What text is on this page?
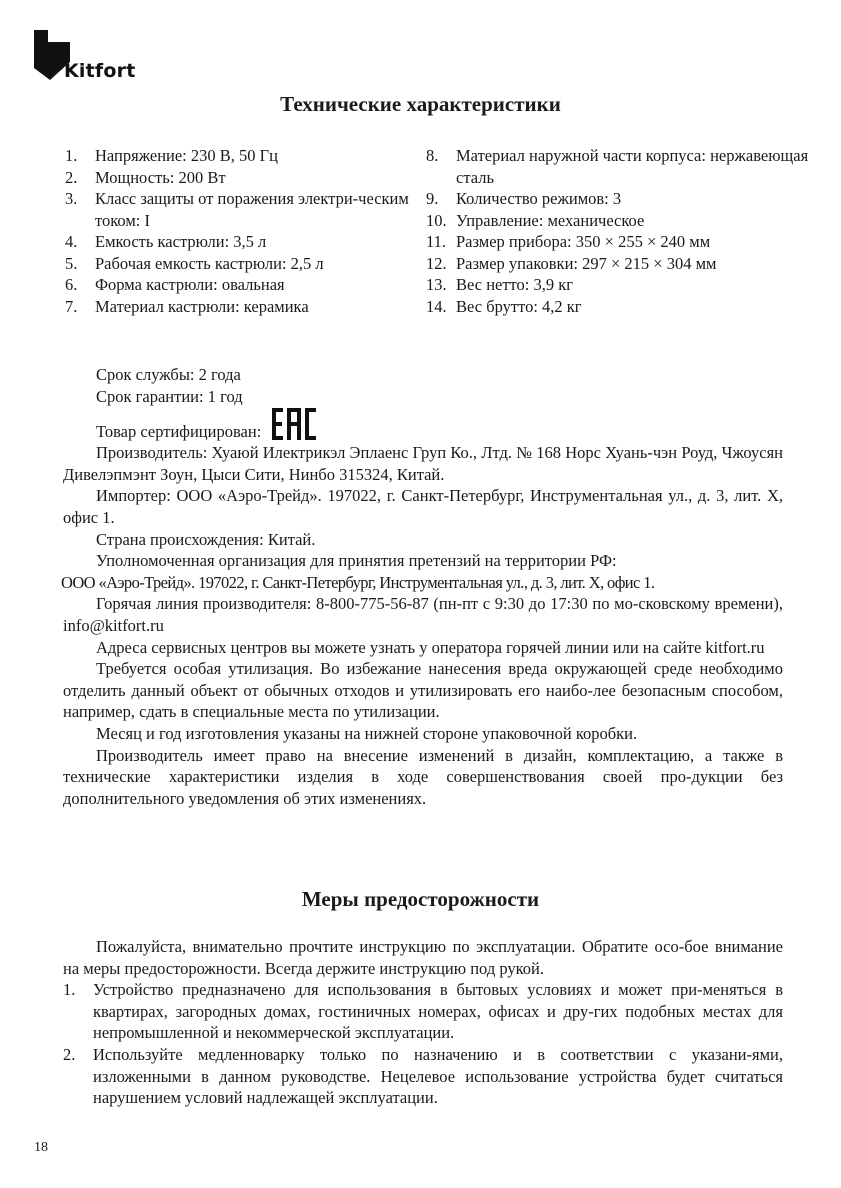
Kitfort
Технические характеристики
1.	Напряжение: 230 В, 50 Гц
2.	Мощность: 200 Вт
3.	Класс защиты от поражения электри-ческим током: I
4.	Емкость кастрюли: 3,5 л
5.	Рабочая емкость кастрюли: 2,5 л
6.	Форма кастрюли: овальная
7.	Материал кастрюли: керамика
8.	Материал наружной части корпуса: нержавеющая сталь
9.	Количество режимов: 3
10. Управление: механическое
11. Размер прибора: 350 × 255 × 240 мм
12. Размер упаковки: 297 × 215 × 304 мм
13. Вес нетто: 3,9 кг
14. Вес брутто: 4,2 кг

Срок службы: 2 года

Срок гарантии: 1 год

Товар сертифицирован:

Производитель: Хуаюй Илектрикэл Эплаенс Груп Ко., Лтд. № 168 Норс Хуань-чэн Роуд, Чжоусян Дивелэпмэнт Зоун, Цыси Сити, Нинбо 315324, Китай.

Импортер: ООО «Аэро-Трейд». 197022, г. Санкт-Петербург, Инструментальная ул., д. 3, лит. Х, офис 1.

Страна происхождения: Китай.

Уполномоченная организация для принятия претензий на территории РФ:

ООО «Аэро-Трейд». 197022, г. Санкт-Петербург, Инструментальная ул., д. 3, лит. Х, офис 1.

Горячая линия производителя: 8-800-775-56-87 (пн-пт с 9:30 до 17:30 по мо-сковскому времени), info@kitfort.ru

Адреса сервисных центров вы можете узнать у оператора горячей линии или на сайте kitfort.ru

Требуется особая утилизация. Во избежание нанесения вреда окружающей среде необходимо отделить данный объект от обычных отходов и утилизировать его наибо-лее безопасным способом, например, сдать в специальные места по утилизации.

Месяц и год изготовления указаны на нижней стороне упаковочной коробки.

Производитель имеет право на внесение изменений в дизайн, комплектацию, а также в технические характеристики изделия в ходе совершенствования своей про-дукции без дополнительного уведомления об этих изменениях.

Меры предосторожности

Пожалуйста, внимательно прочтите инструкцию по эксплуатации. Обратите осо-бое внимание на меры предосторожности. Всегда держите инструкцию под рукой.

1.	Устройство предназначено для использования в бытовых условиях и может при-меняться в квартирах, загородных домах, гостиничных номерах, офисах и дру-гих подобных местах для непромышленной и некоммерческой эксплуатации.
2.	Используйте медленноварку только по назначению и в соответствии с указани-ями, изложенными в данном руководстве. Нецелевое использование устройства будет считаться нарушением условий надлежащей эксплуатации.
18
